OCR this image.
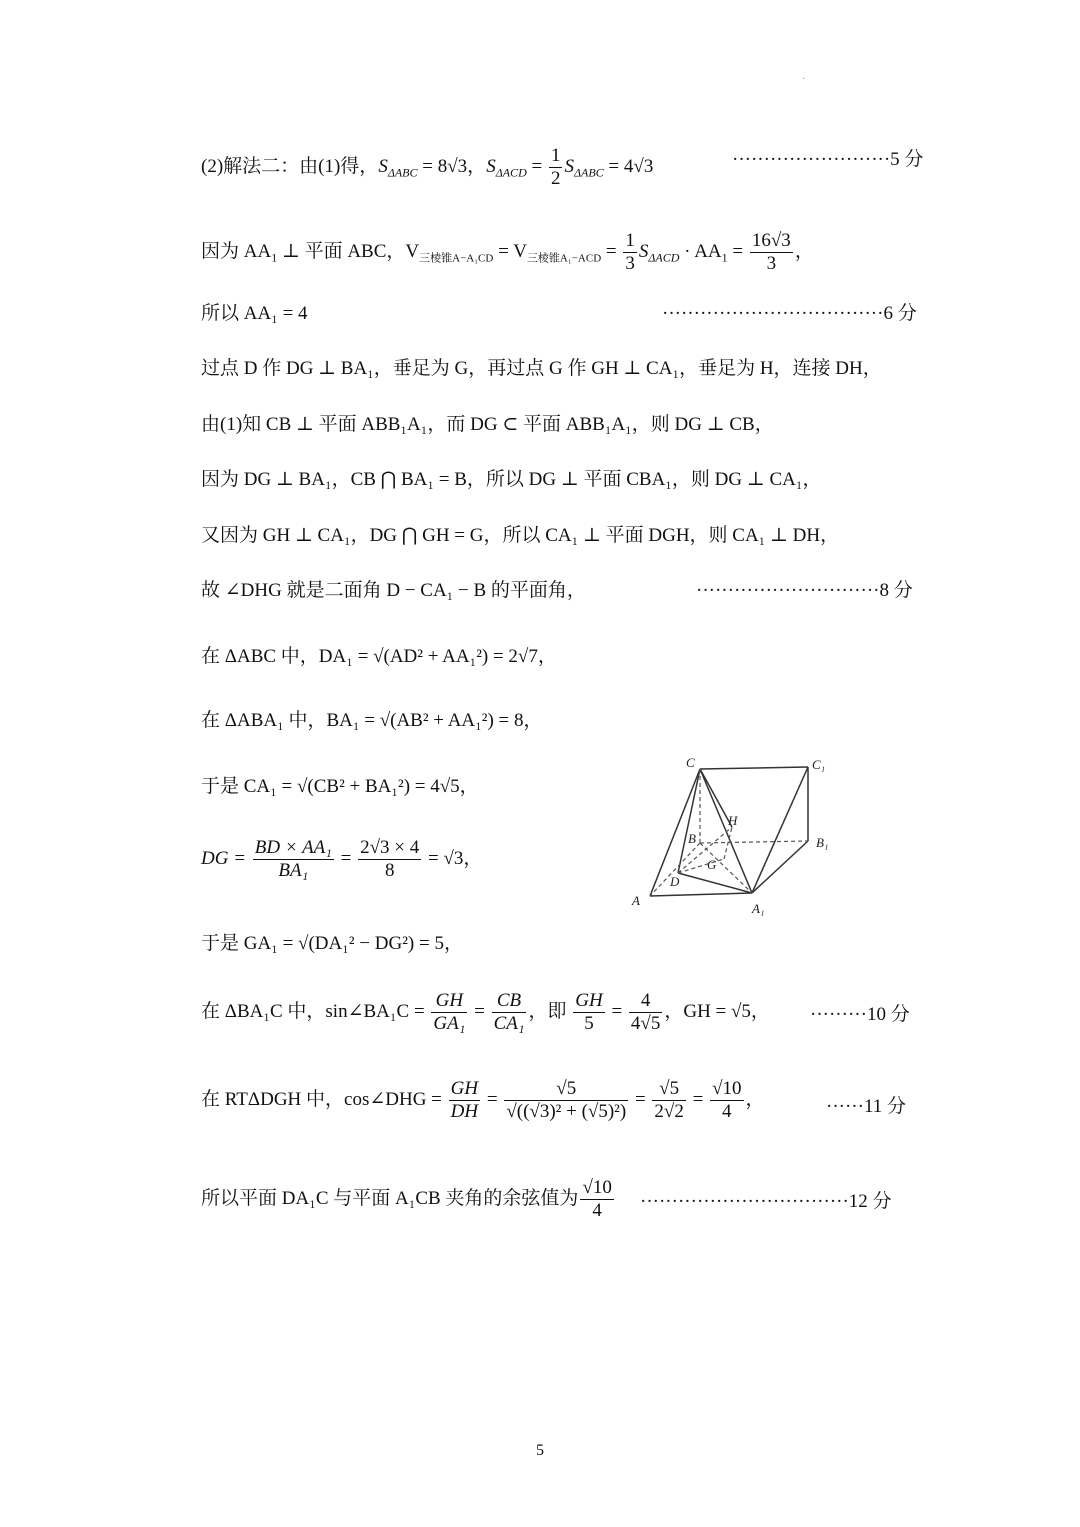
·
(2)解法二：由(1)得，$S_{\Delta ABC} = 8√3$，$S_{\Delta ACD} = \frac{1}{2} S_{\Delta ABC} = 4√3$	·························5 分
因为 $AA_1$ ⊥ 平面 ABC，$V_{三棱锥A-A_1CD} = V_{三棱锥A_1-ACD} = \frac{1}{3} S_{\Delta ACD} \cdot AA_1 = \frac{16√3}{3}$ ，
所以 AA₁ = 4	···································6 分
过点 D 作 DG ⊥ BA₁，垂足为 G，再过点 G 作 GH ⊥ CA₁，垂足为 H，连接 DH，
由(1)知 CB ⊥ 平面 ABB₁A₁，而 DG ⊂ 平面 ABB₁A₁，则 DG ⊥ CB，
因为 DG ⊥ BA₁，CB ⋂ BA₁ = B，所以 DG ⊥ 平面 CBA₁，则 DG ⊥ CA₁，
又因为 GH ⊥ CA₁，DG ⋂ GH = G，所以 CA₁ ⊥ 平面 DGH，则 CA₁ ⊥ DH，
故 ∠DHG 就是二面角 D − CA₁ − B 的平面角，	·····························8 分
在 ΔABC 中，DA₁ = √(AD² + AA₁²) = 2√7，
在 ΔABA₁ 中，BA₁ = √(AB² + AA₁²) = 8，
于是 CA₁ = √(CB² + BA₁²) = 4√5，
DG = $\frac{\text{BD × AA₁}}{\text{BA₁}} = \frac{2√3 \times 4}{8} = √3$，
于是 GA₁ = √(DA₁² − DG²) = 5，
在 ΔBA₁C 中，sin∠BA₁C = $\frac{GH}{\text{GA₁}} = \frac{CB}{\text{CA₁}}$ ，即 $\frac{GH}{5} = \frac{4}{4√5}$ ，GH = √5， ·········10 分
在 RTΔDGH 中，cos∠DHG = $\frac{GH}{DH} = \frac{√5}{\text{√((√3)² + (√5)²)}} = \frac{√5}{2√2} = \frac{√10}{4}$ ，	······11 分
所以平面 DA₁C 与平面 A₁CB 夹角的余弦值为 $\frac{√10}{4} \cdot\cdot\cdot\cdot\cdot\cdot\cdot\cdot\cdot\cdot\cdot\cdot\cdot\cdot\cdot\cdot\cdot\cdot\cdot\cdot\cdot\cdot\cdot\cdot\cdot\cdot\cdot\cdot\cdot\cdot\cdot\cdot\cdot 12$ 分
C	C₁
H
B	B₁
G
D
A
A₁
5
